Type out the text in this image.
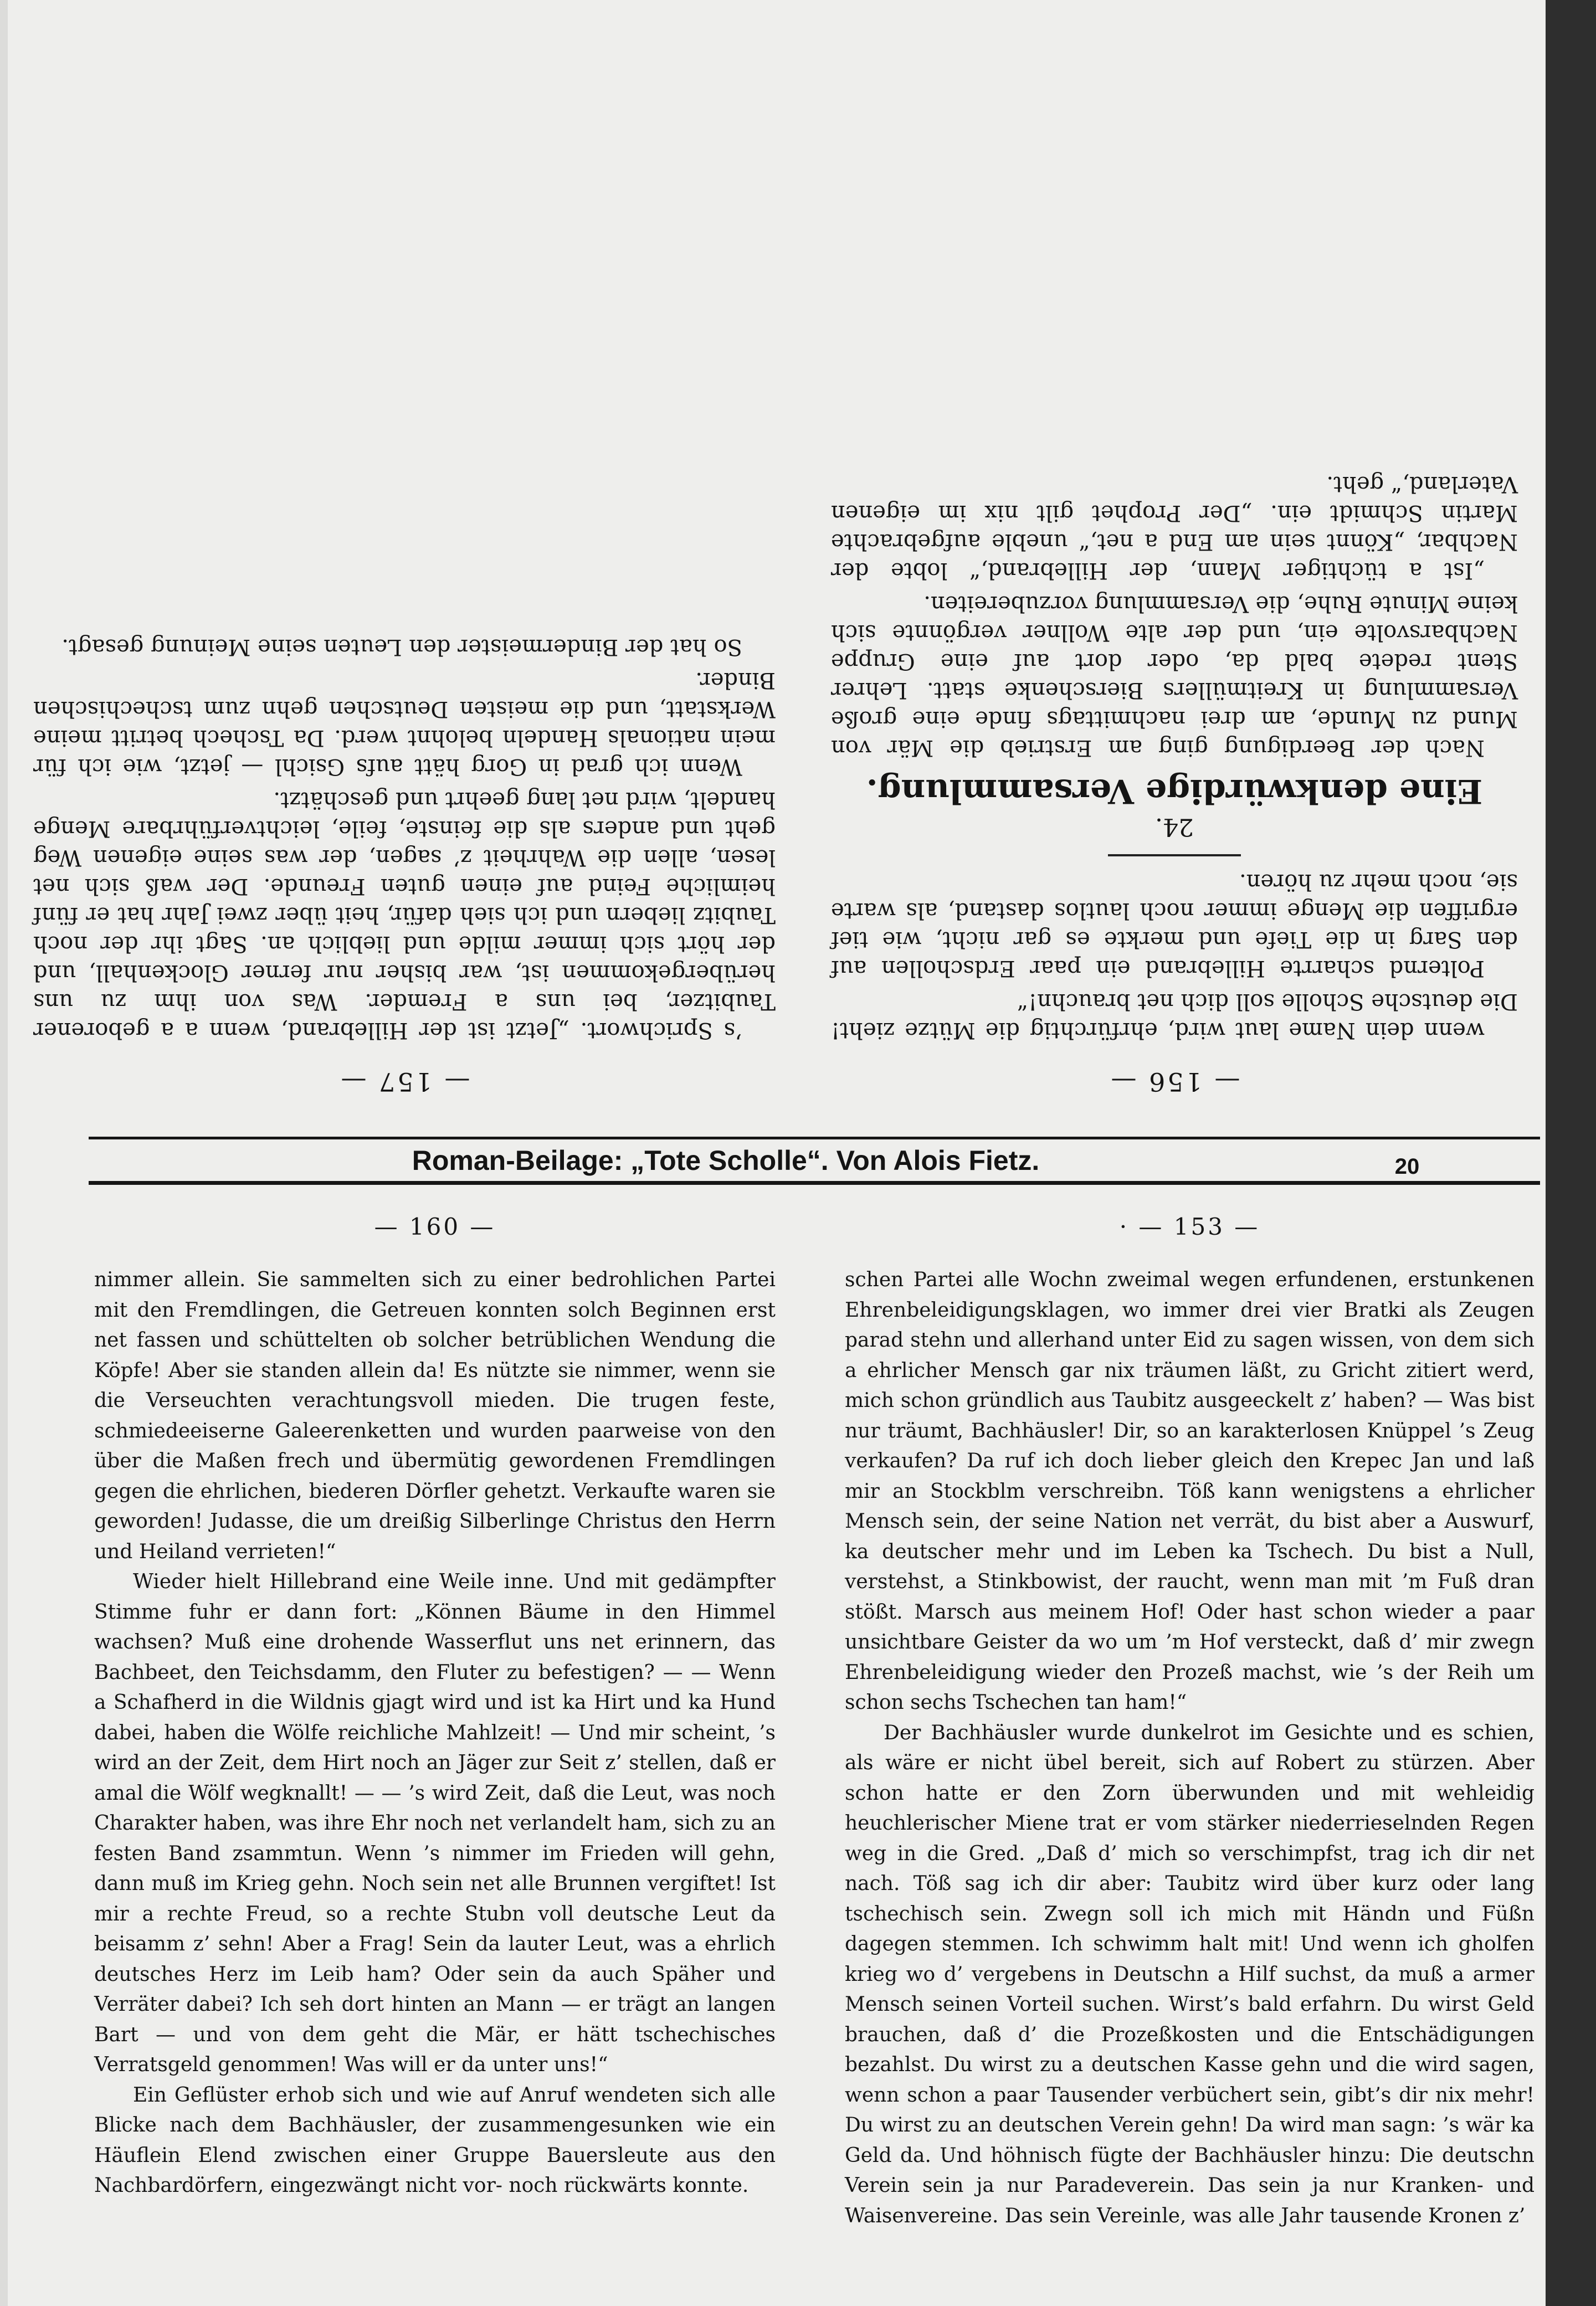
— 157 —

’s Sprichwort. „Jetzt ist der Hillebrand, wenn a a geborener Taubitzer, bei uns a Fremder. Was von ihm zu uns herübergekommen ist, war bisher nur ferner Glockenhall, und der hört sich immer milde und lieblich an. Sagt ihr der noch Taubitz liebern und ich sieh dafür, heit über zwei Jahr hat er fünf heimliche Feind auf einen guten Freunde. Der waß sich net lesen, allen die Wahrheit z’ sagen, der was seine eigenen Weg geht und anders als die feinste, feile, leichtverführbare Menge handelt, wird net lang geehrt und geschätzt.

Wenn ich grad in Gorg hätt aufs Gsichl — jetzt, wie ich für mein nationals Handeln belohnt werd. Da Tschech betritt meine Werkstatt, und die meisten Deutschen gehn zum tschechischen Binder.

So hat der Bindermeister den Leuten seine Meinung gesagt.

— 156 —

wenn dein Name laut wird, ehrfürchtig die Mütze zieht! Die deutsche Scholle soll dich net brauchn!“

Polternd scharrte Hillebrand ein paar Erdschollen auf den Sarg in die Tiefe und merkte es gar nicht, wie tief ergriffen die Menge immer noch lautlos dastand, als warte sie, noch mehr zu hören.

24.
Eine denkwürdige Versammlung.

Nach der Beerdigung ging am Erstrieb die Mär von Mund zu Munde, am drei nachmittags finde eine große Versammlung in Kreitmüllers Bierschenke statt. Lehrer Stent redete bald da, oder dort auf eine Gruppe Nachbarsvolte ein, und der alte Wollner vergönnte sich keine Minute Ruhe, die Versammlung vorzubereiten.

„Ist a tüchtiger Mann, der Hillebrand,“ lobte der Nachbar, „Könnt sein am End a net,“ uneble aufgebrachte Martin Schmidt ein. „Der Prophet gilt nix im eigenen Vaterland,“ geht.

Roman-Beilage: „Tote Scholle“. Von Alois Fietz.	20
— 160 —

nimmer allein. Sie sammelten sich zu einer bedrohlichen Partei mit den Fremdlingen, die Getreuen konnten solch Beginnen erst net fassen und schüttelten ob solcher betrüblichen Wendung die Köpfe! Aber sie standen allein da! Es nützte sie nimmer, wenn sie die Verseuchten verachtungsvoll mieden. Die trugen feste, schmiedeeiserne Galeerenketten und wurden paarweise von den über die Maßen frech und übermütig gewordenen Fremdlingen gegen die ehrlichen, biederen Dörfler gehetzt. Verkaufte waren sie geworden! Judasse, die um dreißig Silberlinge Christus den Herrn und Heiland verrieten!“

Wieder hielt Hillebrand eine Weile inne. Und mit gedämpfter Stimme fuhr er dann fort: „Können Bäume in den Himmel wachsen? Muß eine drohende Wasserflut uns net erinnern, das Bachbeet, den Teichsdamm, den Fluter zu befestigen? — — Wenn a Schafherd in die Wildnis gjagt wird und ist ka Hirt und ka Hund dabei, haben die Wölfe reichliche Mahlzeit! — Und mir scheint, ’s wird an der Zeit, dem Hirt noch an Jäger zur Seit z’ stellen, daß er amal die Wölf wegknallt! — — ’s wird Zeit, daß die Leut, was noch Charakter haben, was ihre Ehr noch net verlandelt ham, sich zu an festen Band zsammtun. Wenn ’s nimmer im Frieden will gehn, dann muß im Krieg gehn. Noch sein net alle Brunnen vergiftet! Ist mir a rechte Freud, so a rechte Stubn voll deutsche Leut da beisamm z’ sehn! Aber a Frag! Sein da lauter Leut, was a ehrlich deutsches Herz im Leib ham? Oder sein da auch Späher und Verräter dabei? Ich seh dort hinten an Mann — er trägt an langen Bart — und von dem geht die Mär, er hätt tschechisches Verratsgeld genommen! Was will er da unter uns!“

Ein Geflüster erhob sich und wie auf Anruf wendeten sich alle Blicke nach dem Bachhäusler, der zusammengesunken wie ein Häuflein Elend zwischen einer Gruppe Bauersleute aus den Nachbardörfern, eingezwängt nicht vor- noch rückwärts konnte.

· — 153 —

schen Partei alle Wochn zweimal wegen erfundenen, erstunkenen Ehrenbeleidigungsklagen, wo immer drei vier Bratki als Zeugen parad stehn und allerhand unter Eid zu sagen wissen, von dem sich a ehrlicher Mensch gar nix träumen läßt, zu Gricht zitiert werd, mich schon gründlich aus Taubitz ausgeeckelt z’ haben? — Was bist nur träumt, Bachhäusler! Dir, so an karakterlosen Knüppel ’s Zeug verkaufen? Da ruf ich doch lieber gleich den Krepec Jan und laß mir an Stockblm verschreibn. Töß kann wenigstens a ehrlicher Mensch sein, der seine Nation net verrät, du bist aber a Auswurf, ka deutscher mehr und im Leben ka Tschech. Du bist a Null, verstehst, a Stinkbowist, der raucht, wenn man mit ’m Fuß dran stößt. Marsch aus meinem Hof! Oder hast schon wieder a paar unsichtbare Geister da wo um ’m Hof versteckt, daß d’ mir zwegn Ehrenbeleidigung wieder den Prozeß machst, wie ’s der Reih um schon sechs Tschechen tan ham!“

Der Bachhäusler wurde dunkelrot im Gesichte und es schien, als wäre er nicht übel bereit, sich auf Robert zu stürzen. Aber schon hatte er den Zorn überwunden und mit wehleidig heuchlerischer Miene trat er vom stärker niederrieselnden Regen weg in die Gred. „Daß d’ mich so verschimpfst, trag ich dir net nach. Töß sag ich dir aber: Taubitz wird über kurz oder lang tschechisch sein. Zwegn soll ich mich mit Händn und Füßn dagegen stemmen. Ich schwimm halt mit! Und wenn ich gholfen krieg wo d’ vergebens in Deutschn a Hilf suchst, da muß a armer Mensch seinen Vorteil suchen. Wirst’s bald erfahrn. Du wirst Geld brauchen, daß d’ die Prozeßkosten und die Entschädigungen bezahlst. Du wirst zu a deutschen Kasse gehn und die wird sagen, wenn schon a paar Tausender verbüchert sein, gibt’s dir nix mehr! Du wirst zu an deutschen Verein gehn! Da wird man sagn: ’s wär ka Geld da. Und höhnisch fügte der Bachhäusler hinzu: Die deutschn Verein sein ja nur Paradeverein. Das sein ja nur Kranken- und Waisenvereine. Das sein Vereinle, was alle Jahr tausende Kronen z’
